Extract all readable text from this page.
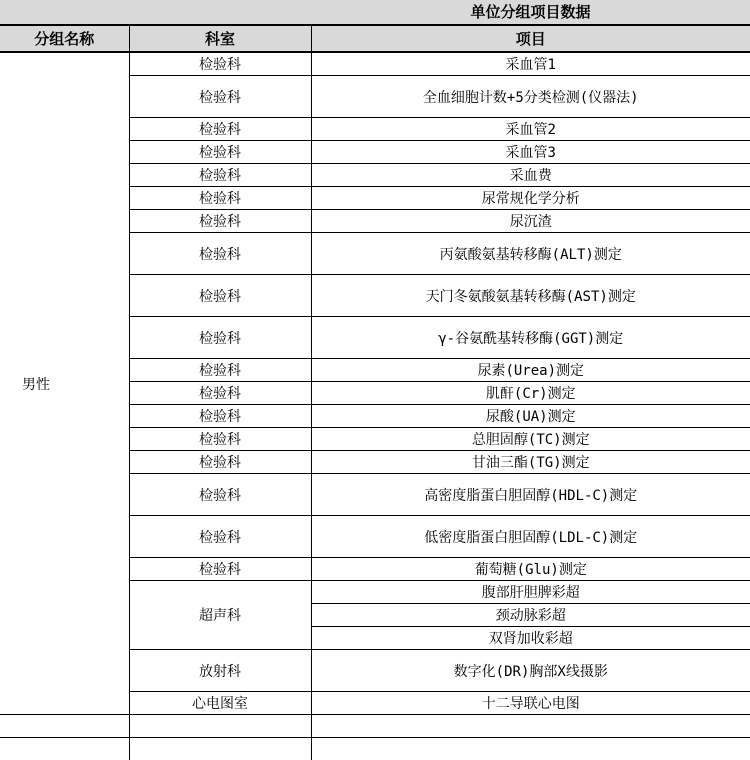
单位分组项目数据
分组名称	科室	项目
男性	检验科	采血管1
	检验科	全血细胞计数+5分类检测(仪器法)
	检验科	采血管2
	检验科	采血管3
	检验科	采血费
	检验科	尿常规化学分析
	检验科	尿沉渣
	检验科	丙氨酸氨基转移酶(ALT)测定
	检验科	天门冬氨酸氨基转移酶(AST)测定
	检验科	γ-谷氨酰基转移酶(GGT)测定
	检验科	尿素(Urea)测定
	检验科	肌酐(Cr)测定
	检验科	尿酸(UA)测定
	检验科	总胆固醇(TC)测定
	检验科	甘油三酯(TG)测定
	检验科	高密度脂蛋白胆固醇(HDL-C)测定
	检验科	低密度脂蛋白胆固醇(LDL-C)测定
	检验科	葡萄糖(Glu)测定
	超声科	腹部肝胆脾彩超
		颈动脉彩超
		双肾加收彩超
	放射科	数字化(DR)胸部X线摄影
	心电图室	十二导联心电图
